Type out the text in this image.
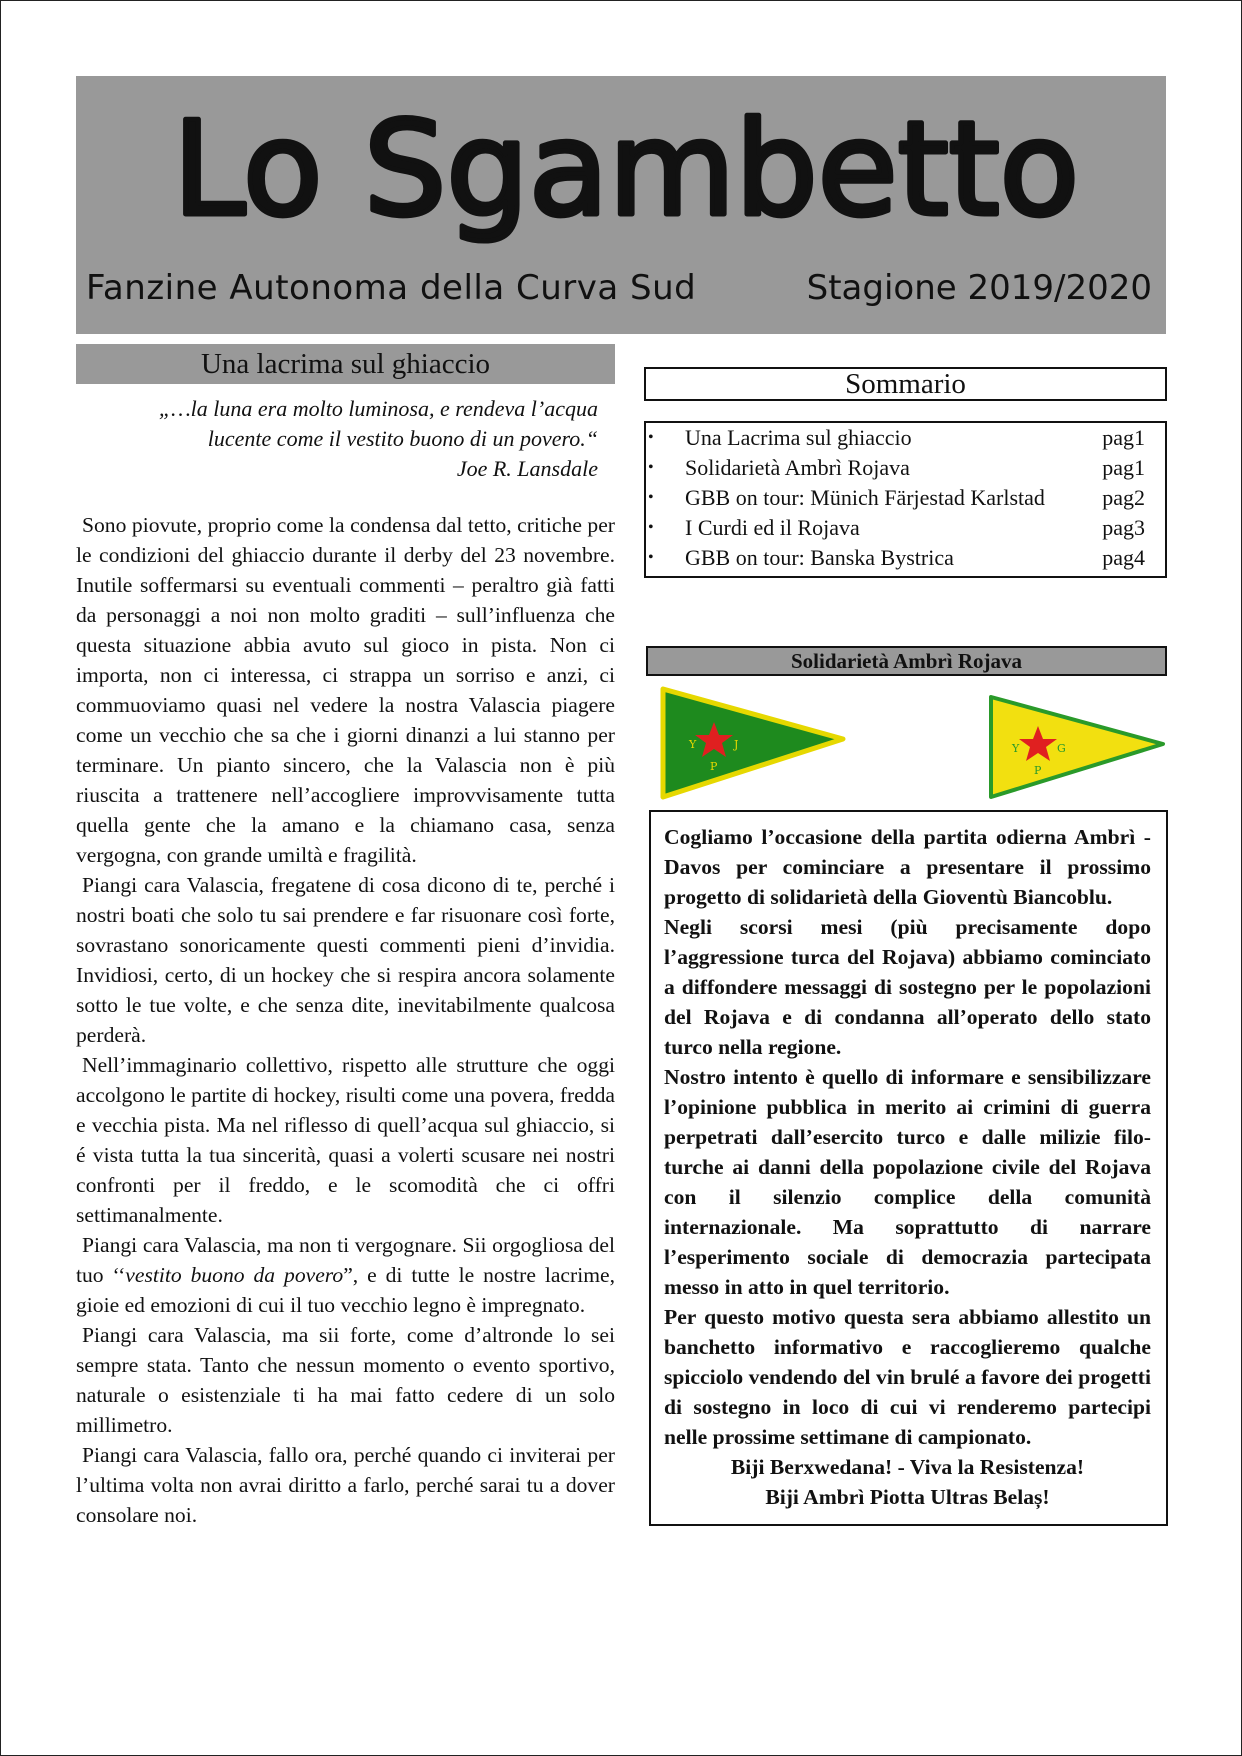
Lo Sgambetto
Fanzine Autonoma della Curva Sud	Stagione 2019/2020
Una lacrima sul ghiaccio
„…la luna era molto luminosa, e rendeva l’acqua
lucente come il vestito buono di un povero.“

Joe R. Lansdale

Sono piovute, proprio come la condensa dal tetto, critiche per le condizioni del ghiaccio durante il derby del 23 novembre. Inutile soffermarsi su eventuali commenti – peraltro già fatti da personaggi a noi non molto graditi – sull’influenza che questa situazione abbia avuto sul gioco in pista. Non ci importa, non ci interessa, ci strappa un sorriso e anzi, ci commuoviamo quasi nel vedere la nostra Valascia piagere come un vecchio che sa che i giorni dinanzi a lui stanno per terminare. Un pianto sincero, che la Valascia non è più riuscita a trattenere nell’accogliere improvvisamente tutta quella gente che la amano e la chiamano casa, senza vergogna, con grande umiltà e fragilità.

Piangi cara Valascia, fregatene di cosa dicono di te, perché i nostri boati che solo tu sai prendere e far risuonare così forte, sovrastano sonoricamente questi commenti pieni d’invidia. Invidiosi, certo, di un hockey che si respira ancora solamente sotto le tue volte, e che senza dite, inevitabilmente qualcosa perderà.

Nell’immaginario collettivo, rispetto alle strutture che oggi accolgono le partite di hockey, risulti come una povera, fredda e vecchia pista. Ma nel riflesso di quell’acqua sul ghiaccio, si é vista tutta la tua sincerità, quasi a volerti scusare nei nostri confronti per il freddo, e le scomodità che ci offri settimanalmente.

Piangi cara Valascia, ma non ti vergognare. Sii orgogliosa del tuo ‘‘vestito buono da povero”, e di tutte le nostre lacrime, gioie ed emozioni di cui il tuo vecchio legno è impregnato.

Piangi cara Valascia, ma sii forte, come d’altronde lo sei sempre stata. Tanto che nessun momento o evento sportivo, naturale o esistenziale ti ha mai fatto cedere di un solo millimetro.

Piangi cara Valascia, fallo ora, perché quando ci inviterai per l’ultima volta non avrai diritto a farlo, perché sarai tu a dover consolare noi.

Sommario
• Una Lacrima sul ghiaccio	pag1
• Solidarietà Ambrì Rojava	pag1
• GBB on tour: Münich Färjestad Karlstad	pag2
• I Curdi ed il Rojava	pag3
• GBB on tour: Banska Bystrica	pag4
Solidarietà Ambrì Rojava
Y
P
J	Y
P
G

Cogliamo l’occasione della partita odierna Ambrì - Davos per cominciare a presentare il prossimo progetto di solidarietà della Gioventù Biancoblu.

Negli scorsi mesi (più precisamente dopo l’aggressione turca del Rojava) abbiamo cominciato a diffondere messaggi di sostegno per le popolazioni del Rojava e di condanna all’operato dello stato turco nella regione.

Nostro intento è quello di informare e sensibilizzare l’opinione pubblica in merito ai crimini di guerra perpetrati dall’esercito turco e dalle milizie filo-turche ai danni della popolazione civile del Rojava con il silenzio complice della comunità internazionale. Ma soprattutto di narrare l’esperimento sociale di democrazia partecipata messo in atto in quel territorio.

Per questo motivo questa sera abbiamo allestito un banchetto informativo e raccoglieremo qualche spicciolo vendendo del vin brulé a favore dei progetti di sostegno in loco di cui vi renderemo partecipi nelle prossime settimane di campionato.

Biji Berxwedana! - Viva la Resistenza!

Biji Ambrì Piotta Ultras Belaș!
